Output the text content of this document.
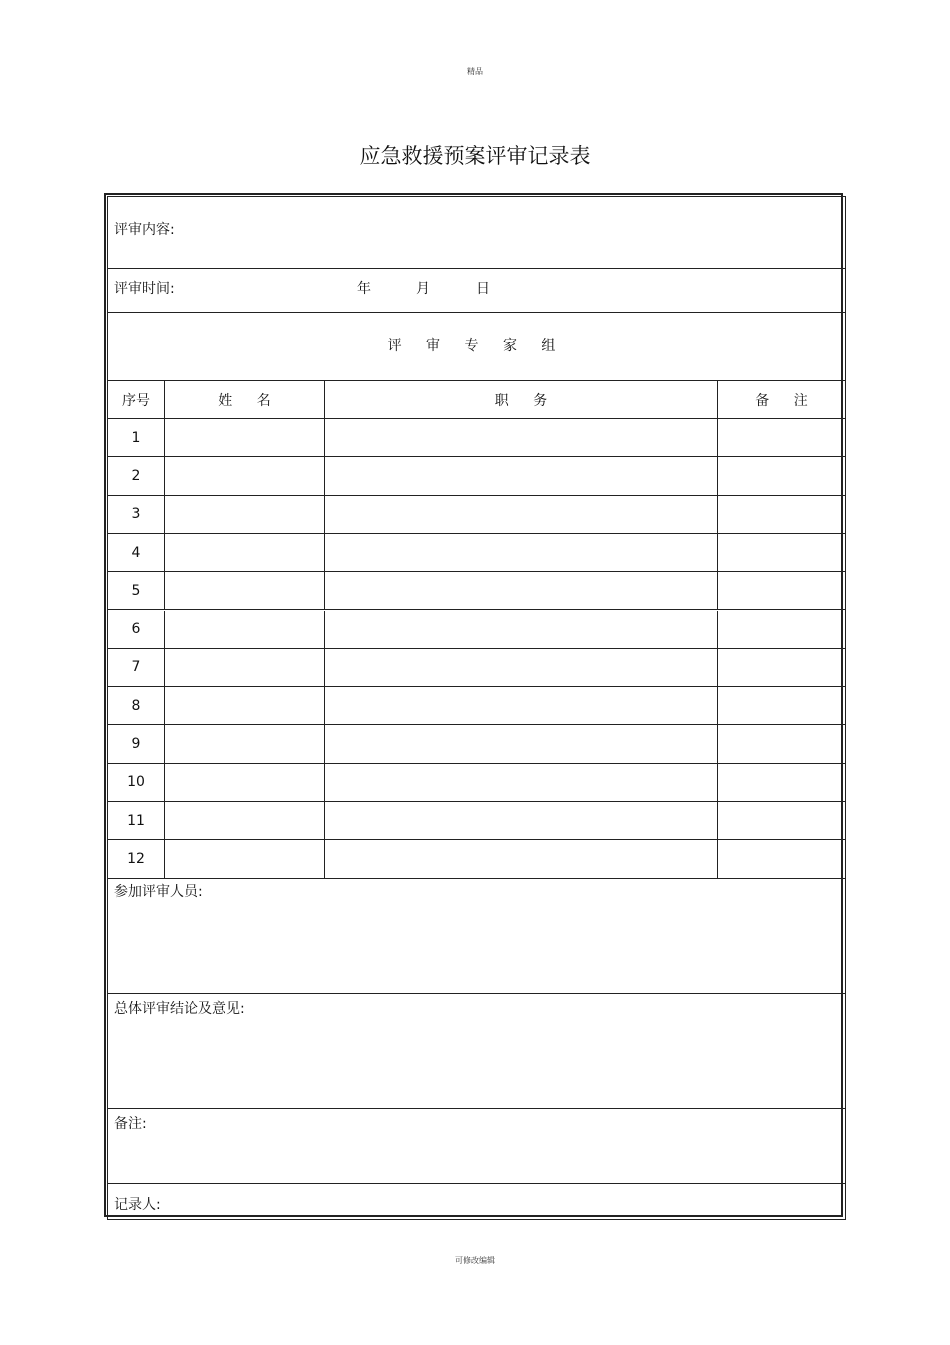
精品
应急救援预案评审记录表
评审内容:
评审时间:	年	月	日
评 审 专 家 组
序号	姓 名	职 务	备 注
1
2
3
4
5
6
7
8
9
10
11
12
参加评审人员:
总体评审结论及意见:
备注:
记录人:
可修改编辑
